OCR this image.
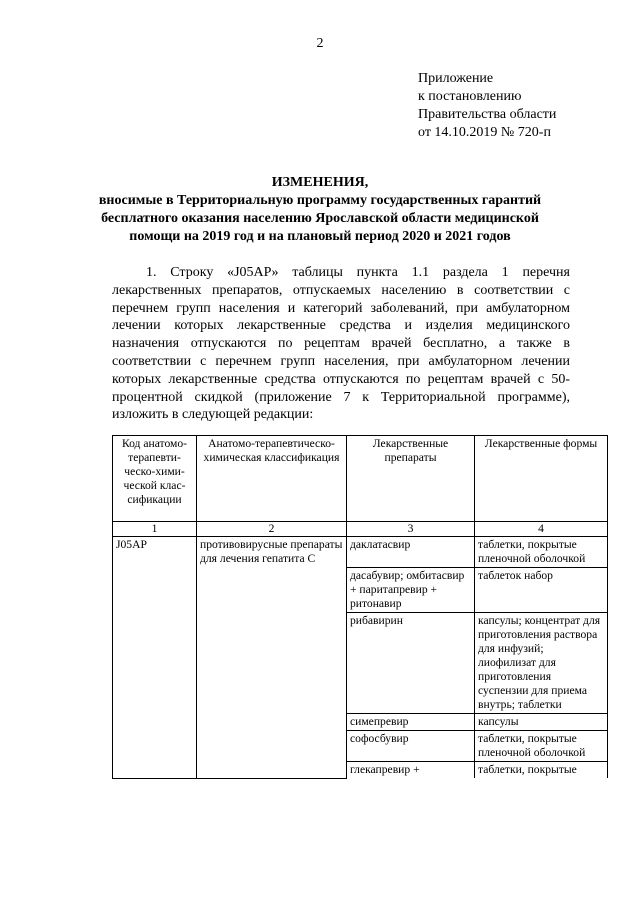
2
Приложение
к постановлению
Правительства области
от 14.10.2019 № 720-п
ИЗМЕНЕНИЯ,
вносимые в Территориальную программу государственных гарантий
бесплатного оказания населению Ярославской области медицинской
помощи на 2019 год и на плановый период 2020 и 2021 годов
1. Строку «J05AP» таблицы пункта 1.1 раздела 1 перечня лекарственных препаратов, отпускаемых населению в соответствии с перечнем групп населения и категорий заболеваний, при амбулаторном лечении которых лекарственные средства и изделия медицинского назначения отпускаются по рецептам врачей бесплатно, а также в соответствии с перечнем групп населения, при амбулаторном лечении которых лекарственные средства отпускаются по рецептам врачей с 50-процентной скидкой (приложение 7 к Территориальной программе), изложить в следующей редакции:
Код анатомо-терапевти-ческо-хими-ческой клас-сификации	Анатомо-терапевтическо-химическая классификация	Лекарственные препараты	Лекарственные формы
1	2	3	4
J05AP	противовирусные препараты для лечения гепатита C	даклатасвир	таблетки, покрытые пленочной оболочкой
		дасабувир; омбитасвир + паритапревир + ритонавир	таблеток набор
		рибавирин	капсулы; концентрат для приготовления раствора для инфузий; лиофилизат для приготовления суспензии для приема внутрь; таблетки
		симепревир	капсулы
		софосбувир	таблетки, покрытые пленочной оболочкой
		глекапревир +	таблетки, покрытые
